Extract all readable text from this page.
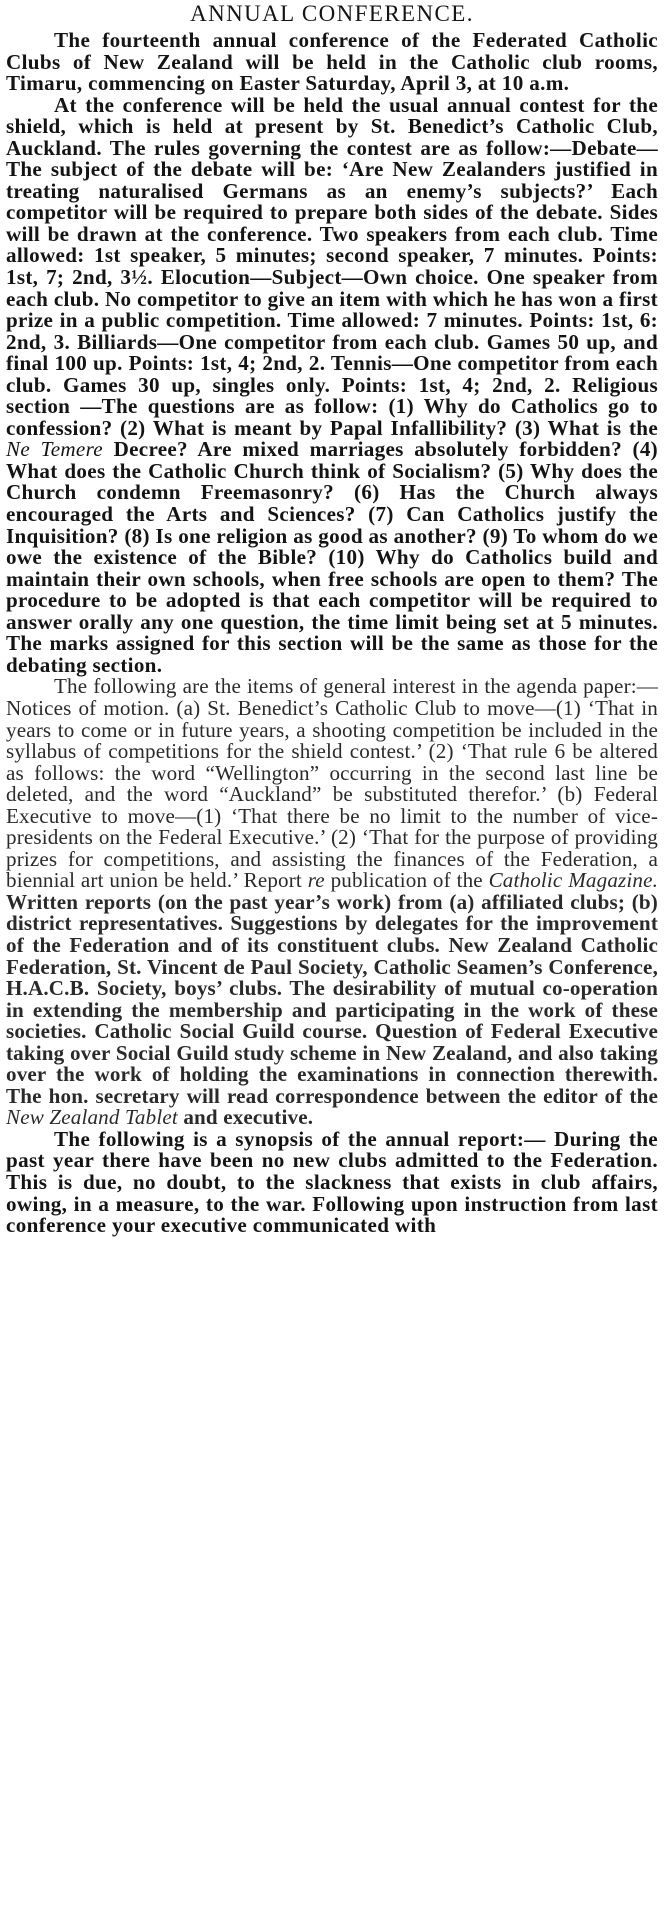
ANNUAL CONFERENCE.

The fourteenth annual conference of the Federated Catholic Clubs of New Zealand will be held in the Catholic club rooms, Timaru, commencing on Easter Saturday, April 3, at 10 a.m.

At the conference will be held the usual annual contest for the shield, which is held at present by St. Benedict’s Catholic Club, Auckland. The rules governing the contest are as follow:—Debate—The subject of the debate will be: ‘Are New Zealanders justified in treating naturalised Germans as an enemy’s subjects?’ Each competitor will be required to prepare both sides of the debate. Sides will be drawn at the conference. Two speakers from each club. Time allowed: 1st speaker, 5 minutes; second speaker, 7 minutes. Points: 1st, 7; 2nd, 3½. Elocution—Subject—Own choice. One speaker from each club. No competitor to give an item with which he has won a first prize in a public competition. Time allowed: 7 minutes. Points: 1st, 6: 2nd, 3. Billiards—One competitor from each club. Games 50 up, and final 100 up. Points: 1st, 4; 2nd, 2. Tennis—One competitor from each club. Games 30 up, singles only. Points: 1st, 4; 2nd, 2. Religious section —The questions are as follow: (1) Why do Catholics go to confession? (2) What is meant by Papal Infallibility? (3) What is the Ne Temere Decree? Are mixed marriages absolutely forbidden? (4) What does the Catholic Church think of Socialism? (5) Why does the Church condemn Freemasonry? (6) Has the Church always encouraged the Arts and Sciences? (7) Can Catholics justify the Inquisition? (8) Is one religion as good as another? (9) To whom do we owe the existence of the Bible? (10) Why do Catholics build and maintain their own schools, when free schools are open to them? The procedure to be adopted is that each competitor will be required to answer orally any one question, the time limit being set at 5 minutes. The marks assigned for this section will be the same as those for the debating section.

The following are the items of general interest in the agenda paper:—Notices of motion. (a) St. Benedict’s Catholic Club to move—(1) ‘That in years to come or in future years, a shooting competition be included in the syllabus of competitions for the shield contest.’ (2) ‘That rule 6 be altered as follows: the word “Wellington” occurring in the second last line be deleted, and the word “Auckland” be substituted therefor.’ (b) Federal Executive to move—(1) ‘That there be no limit to the number of vice-presidents on the Federal Executive.’ (2) ‘That for the purpose of providing prizes for competitions, and assisting the finances of the Federation, a biennial art union be held.’ Report re publication of the Catholic Magazine. Written reports (on the past year’s work) from (a) affiliated clubs; (b) district representatives. Suggestions by delegates for the improvement of the Federation and of its constituent clubs. New Zealand Catholic Federation, St. Vincent de Paul Society, Catholic Seamen’s Conference, H.A.C.B. Society, boys’ clubs. The desirability of mutual co-operation in extending the membership and participating in the work of these societies. Catholic Social Guild course. Question of Federal Executive taking over Social Guild study scheme in New Zealand, and also taking over the work of holding the examinations in connection therewith. The hon. secretary will read correspondence between the editor of the New Zealand Tablet and executive.

The following is a synopsis of the annual report:— During the past year there have been no new clubs admitted to the Federation. This is due, no doubt, to the slackness that exists in club affairs, owing, in a measure, to the war. Following upon instruction from last conference your executive communicated with
